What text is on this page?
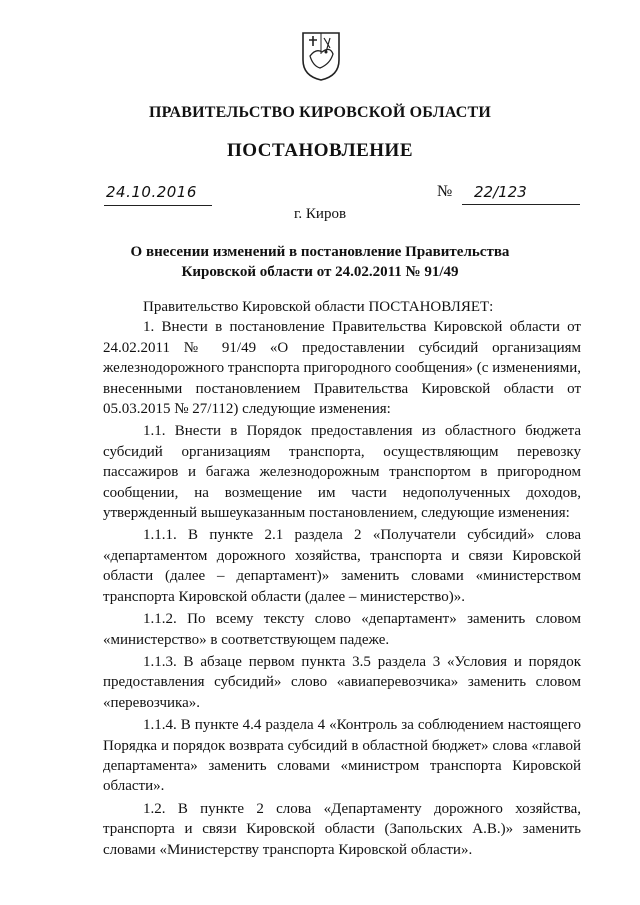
ПРАВИТЕЛЬСТВО КИРОВСКОЙ ОБЛАСТИ
ПОСТАНОВЛЕНИЕ
24.10.2016	№	22/123
г. Киров
О внесении изменений в постановление Правительства
Кировской области от 24.02.2011 № 91/49

Правительство Кировской области ПОСТАНОВЛЯЕТ:

1. Внести в постановление Правительства Кировской области от 24.02.2011 № 91/49 «О предоставлении субсидий организациям железнодорожного транспорта пригородного сообщения» (с изменениями, внесенными постановлением Правительства Кировской области от 05.03.2015 № 27/112) следующие изменения:

1.1. Внести в Порядок предоставления из областного бюджета субсидий организациям транспорта, осуществляющим перевозку пассажиров и багажа железнодорожным транспортом в пригородном сообщении, на возмещение им части недополученных доходов, утвержденный вышеуказанным постановлением, следующие изменения:

1.1.1. В пункте 2.1 раздела 2 «Получатели субсидий» слова «департаментом дорожного хозяйства, транспорта и связи Кировской области (далее – департамент)» заменить словами «министерством транспорта Кировской области (далее – министерство)».

1.1.2. По всему тексту слово «департамент» заменить словом «министерство» в соответствующем падеже.

1.1.3. В абзаце первом пункта 3.5 раздела 3 «Условия и порядок предоставления субсидий» слово «авиаперевозчика» заменить словом «перевозчика».

1.1.4. В пункте 4.4 раздела 4 «Контроль за соблюдением настоящего Порядка и порядок возврата субсидий в областной бюджет» слова «главой департамента» заменить словами «министром транспорта Кировской области».

1.2. В пункте 2 слова «Департаменту дорожного хозяйства, транспорта и связи Кировской области (Запольских А.В.)» заменить словами «Министерству транспорта Кировской области».
